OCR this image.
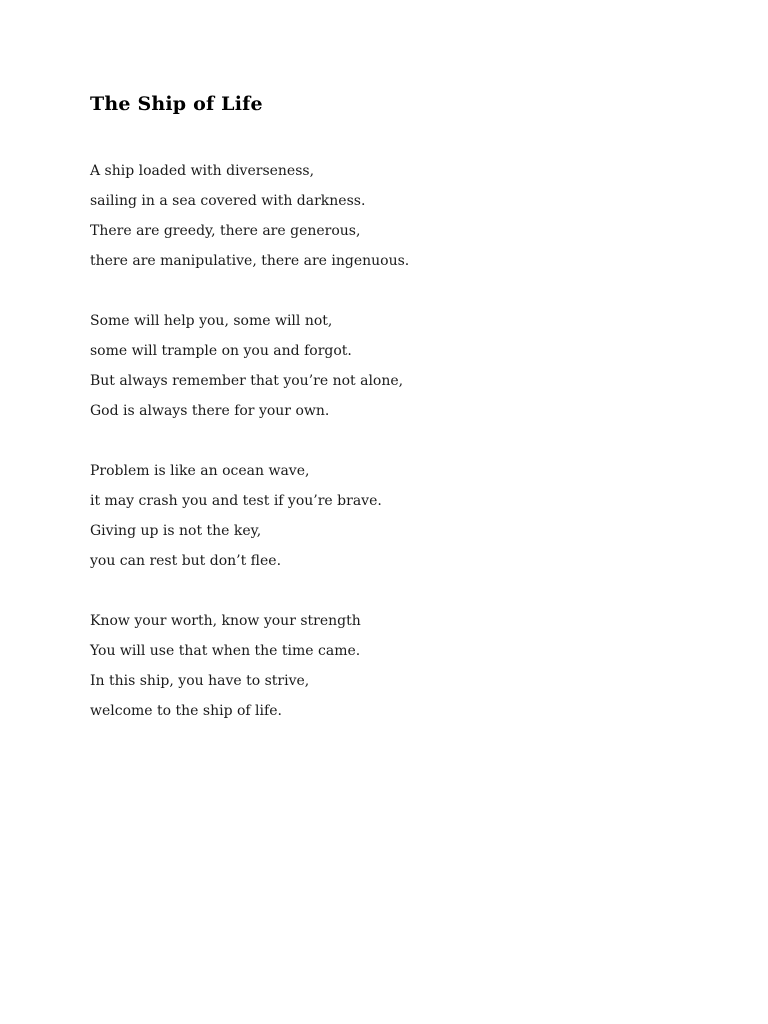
The Ship of Life
A ship loaded with diverseness,
sailing in a sea covered with darkness.
There are greedy, there are generous,
there are manipulative, there are ingenuous.
Some will help you, some will not,
some will trample on you and forgot.
But always remember that you’re not alone,
God is always there for your own.
Problem is like an ocean wave,
it may crash you and test if you’re brave.
Giving up is not the key,
you can rest but don’t flee.
Know your worth, know your strength
You will use that when the time came.
In this ship, you have to strive,
welcome to the ship of life.
